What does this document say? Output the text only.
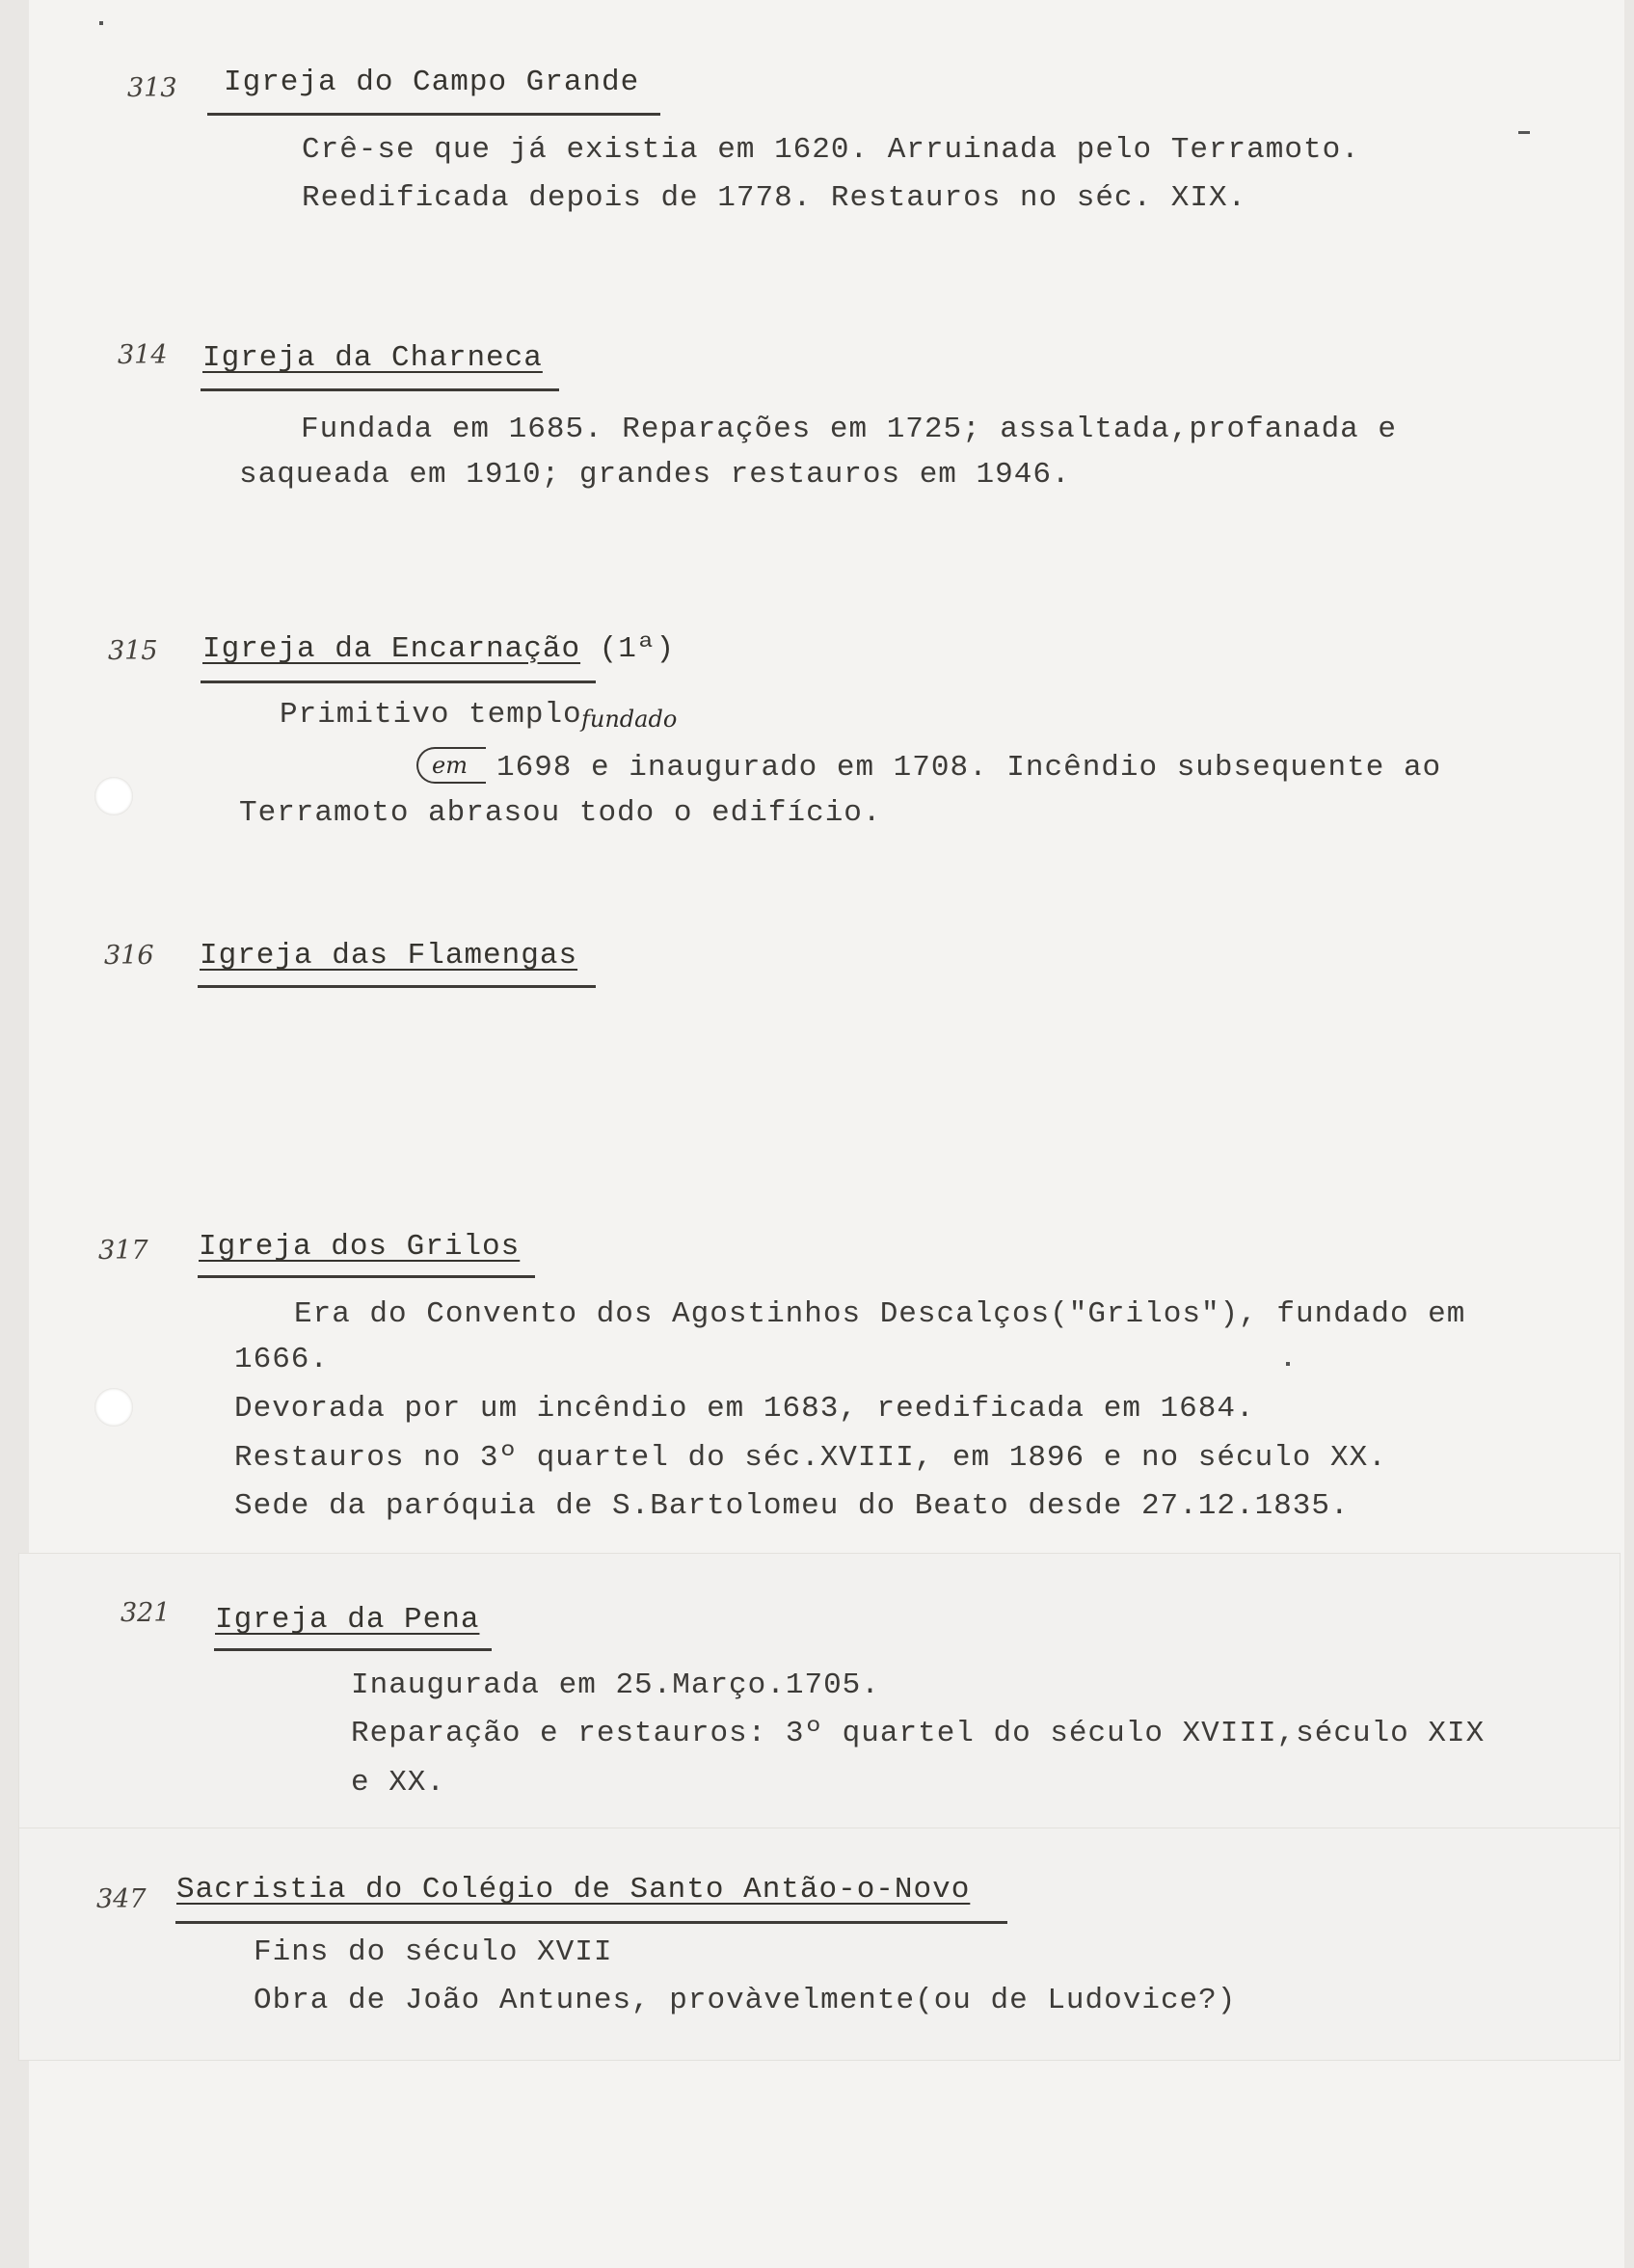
313 Igreja do Campo Grande
Crê-se que já existia em 1620. Arruinada pelo Terramoto.
Reedificada depois de 1778. Restauros no séc. XIX.
314 Igreja da Charneca
Fundada em 1685. Reparações em 1725; assaltada,profanada e
saqueada em 1910; grandes restauros em 1946.
315 Igreja da Encarnação (1ª)
Primitivo templo fundado
em 1698 e inaugurado em 1708. Incêndio subsequente ao
Terramoto abrasou todo o edifício.
316 Igreja das Flamengas
317 Igreja dos Grilos
Era do Convento dos Agostinhos Descalços("Grilos"), fundado em
1666.
Devorada por um incêndio em 1683, reedificada em 1684.
Restauros no 3º quartel do séc.XVIII, em 1896 e no século XX.
Sede da paróquia de S.Bartolomeu do Beato desde 27.12.1835.
321 Igreja da Pena
Inaugurada em 25.Março.1705.
Reparação e restauros: 3º quartel do século XVIII,século XIX
e XX.
347 Sacristia do Colégio de Santo Antão-o-Novo
Fins do século XVII
Obra de João Antunes, provàvelmente(ou de Ludovice?)
